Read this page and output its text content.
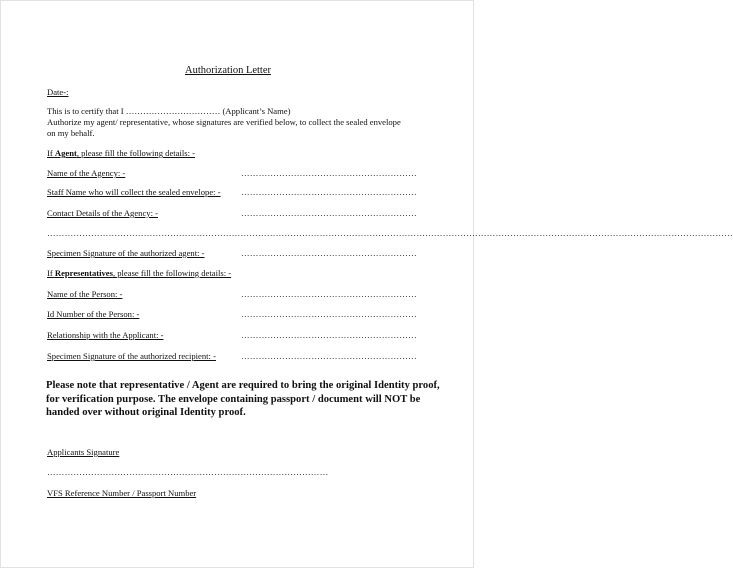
Authorization Letter
Date-:
This is to certify that I …………………………… (Applicant’s Name)
Authorize my agent/ representative, whose signatures are verified below, to collect the sealed envelope
on my behalf.
If Agent, please fill the following details: -
Name of the Agency: -	……………………………………………………
Staff Name who will collect the sealed envelope: - ……………………………………………………
Contact Details of the Agency: -	……………………………………………………
………………………………………………………………………………………………………………………………………………………………………………………………………………
Specimen Signature of the authorized agent: -	……………………………………………………
If Representatives, please fill the following details: -
Name of the Person: -	……………………………………………………
Id Number of the Person: -	……………………………………………………
Relationship with the Applicant: -	……………………………………………………
Specimen Signature of the authorized recipient: -	……………………………………………………
Please note that representative / Agent are required to bring the original Identity proof, for verification purpose. The envelope containing passport / document will NOT be handed over without original Identity proof.
Applicants Signature
……………………………………………………………………………………
VFS Reference Number / Passport Number
